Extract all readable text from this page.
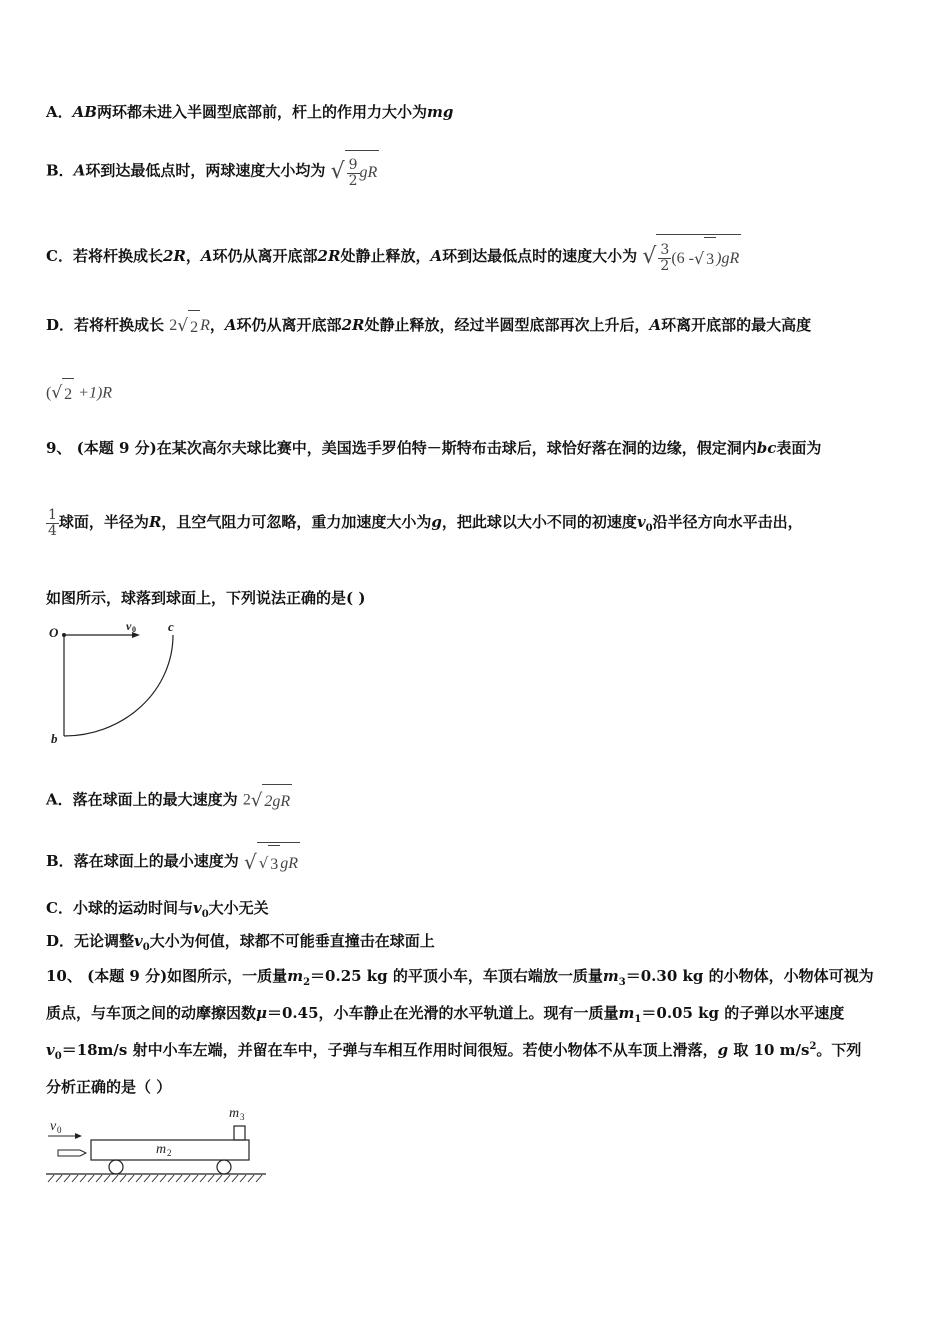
A．AB两环都未进入半圆型底部前，杆上的作用力大小为mg
B．A环到达最低点时，两球速度大小均为 √ $\frac{9}{2}$ gR
C．若将杆换成长2R，A环仍从离开底部2R处静止释放，A环到达最低点时的速度大小为 √ $\frac{3}{2} (6$ - √ 3 )gR
D．若将杆换成长 2 √ 2 R，A环仍从离开底部2R处静止释放，经过半圆型底部再次上升后，A环离开底部的最大高度
( √ 2 +1)R
9、 (本题 9 分)在某次高尔夫球比赛中，美国选手罗伯特－斯特布击球后，球恰好落在洞的边缘，假定洞内bc表面为
$\frac{1}{4}$ 球面，半径为R，且空气阻力可忽略，重力加速度大小为g，把此球以大小不同的初速度$v_0$沿半径方向水平击出，
如图所示，球落到球面上，下列说法正确的是( )
O	v 0 c
b
A．落在球面上的最大速度为 2 √ 2gR
B．落在球面上的最小速度为 √ √ 3 gR
C．小球的运动时间与$v_0$大小无关
D．无论调整$v_0$大小为何值，球都不可能垂直撞击在球面上
10、 (本题 9 分)如图所示，一质量$m_2=0.25$ kg 的平顶小车，车顶右端放一质量$m_3=0.30$ kg 的小物体，小物体可视为
质点，与车顶之间的动摩擦因数μ＝0.45，小车静止在光滑的水平轨道上。现有一质量$m_1=0.05$ kg 的子弹以水平速度
$v_0=18m/s$ 射中小车左端，并留在车中，子弹与车相互作用时间很短。若使小物体不从车顶上滑落，g 取 10 $m/s^2$。下列
分析正确的是（ ）
v 0
m 3
m 2
